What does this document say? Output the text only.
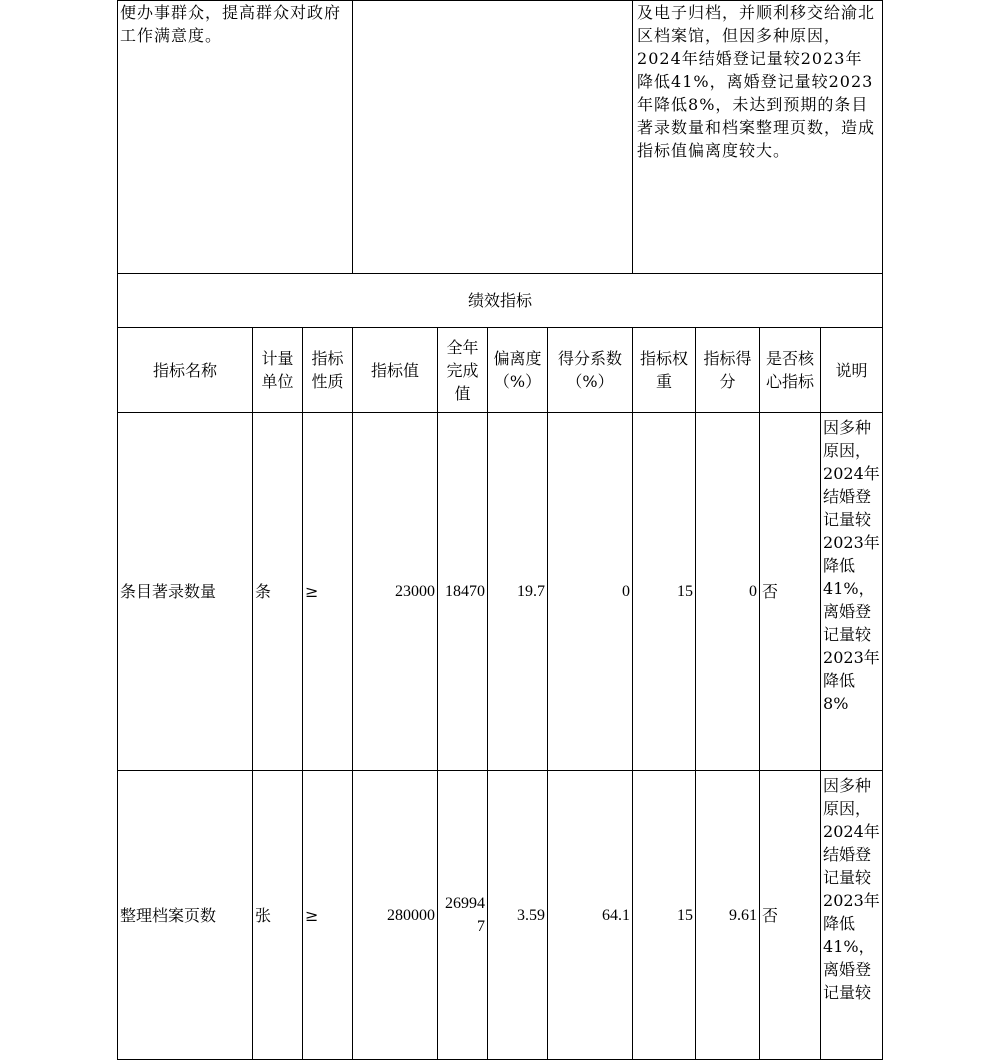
便办事群众，提高群众对政府工作满意度。							及电子归档，并顺利移交给渝北区档案馆，但因多种原因，2024年结婚登记量较2023年降低41%，离婚登记量较2023年降低8%，未达到预期的条目著录数量和档案整理页数，造成指标值偏离度较大。			
绩效指标										
指标名称	计量单位	指标性质	指标值	全年完成值	偏离度（%）	得分系数（%）	指标权重	指标得分	是否核心指标	说明
条目著录数量	条	≥	23000	18470	19.7	0	15	0	否	因多种原因，2024年结婚登记量较2023年降低41%，离婚登记量较2023年降低8%
整理档案页数	张	≥	280000	269947	3.59	64.1	15	9.61	否	因多种原因，2024年结婚登记量较2023年降低41%，离婚登记量较
